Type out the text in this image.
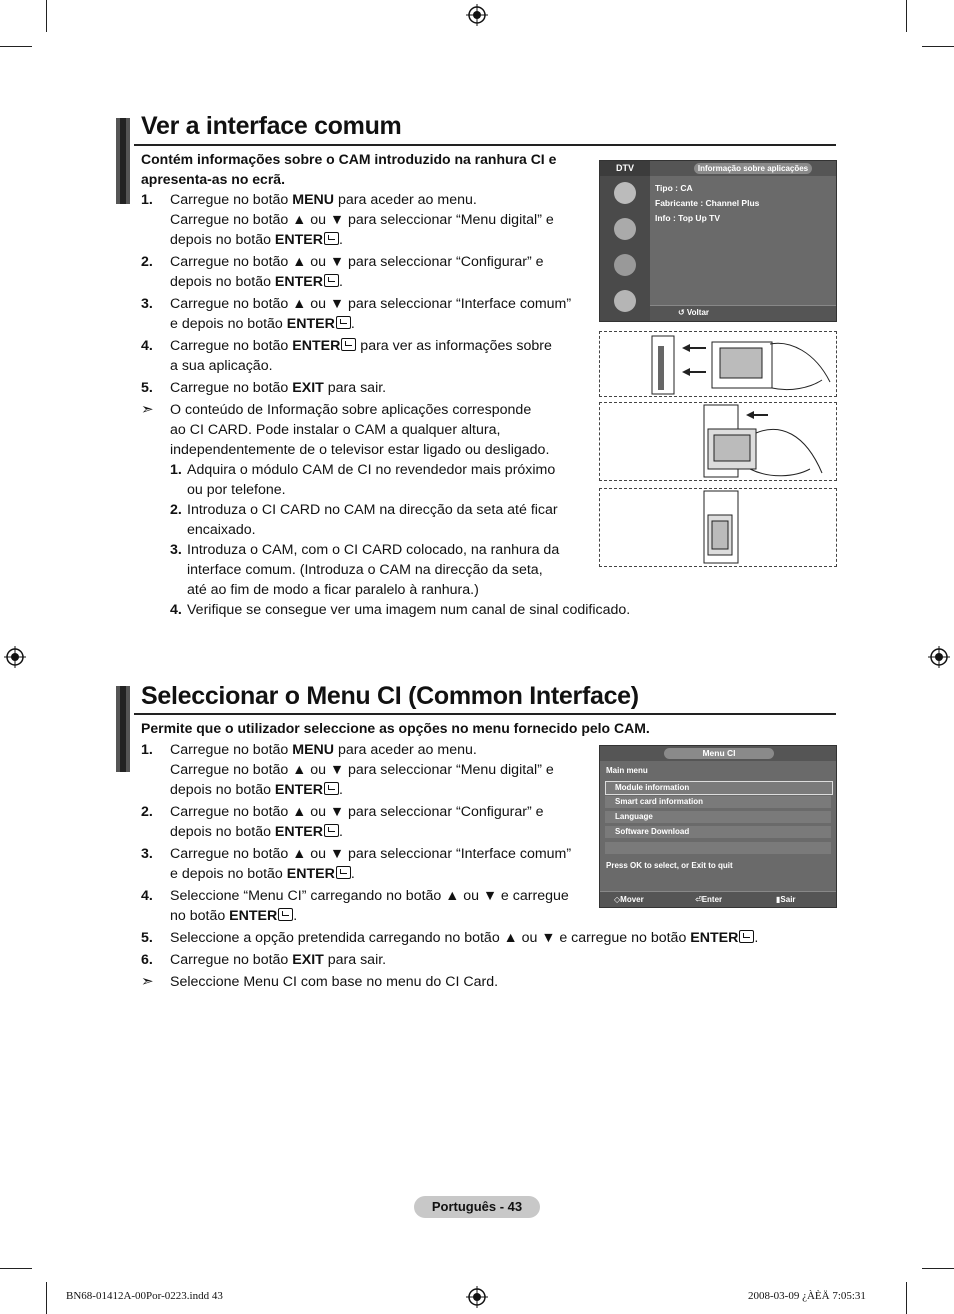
Ver a interface comum
Contém informações sobre o CAM introduzido na ranhura CI e apresenta-as no ecrã.
1. Carregue no botão MENU para aceder ao menu.
Carregue no botão ▲ ou ▼ para seleccionar “Menu digital” e
depois no botão ENTER .
2. Carregue no botão ▲ ou ▼ para seleccionar “Configurar” e
depois no botão ENTER .
3. Carregue no botão ▲ ou ▼ para seleccionar “Interface comum”
e depois no botão ENTER .
4. Carregue no botão ENTER para ver as informações sobre
a sua aplicação.
5. Carregue no botão EXIT para sair.
➣ O conteúdo de Informação sobre aplicações corresponde
ao CI CARD. Pode instalar o CAM a qualquer altura,
independentemente de o televisor estar ligado ou desligado.
1. Adquira o módulo CAM de CI no revendedor mais próximo
ou por telefone.
2. Introduza o CI CARD no CAM na direcção da seta até ficar
encaixado.
3. Introduza o CAM, com o CI CARD colocado, na ranhura da
interface comum. (Introduza o CAM na direcção da seta,
até ao fim de modo a ficar paralelo à ranhura.)
4. Verifique se consegue ver uma imagem num canal de sinal codificado.
DTV	Informação sobre aplicações
Tipo : CA
Fabricante : Channel Plus
Info : Top Up TV
↺ Voltar
Seleccionar o Menu CI (Common Interface)
Permite que o utilizador seleccione as opções no menu fornecido pelo CAM.
1. Carregue no botão MENU para aceder ao menu.
Carregue no botão ▲ ou ▼ para seleccionar “Menu digital” e
depois no botão ENTER .
2. Carregue no botão ▲ ou ▼ para seleccionar “Configurar” e
depois no botão ENTER .
3. Carregue no botão ▲ ou ▼ para seleccionar “Interface comum”
e depois no botão ENTER .
4. Seleccione “Menu CI” carregando no botão ▲ ou ▼ e carregue
no botão ENTER .
5. Seleccione a opção pretendida carregando no botão ▲ ou ▼ e carregue no botão ENTER .
6. Carregue no botão EXIT para sair.
➣ Seleccione Menu CI com base no menu do CI Card.
Menu CI
Main menu
Module information
Smart card information
Language
Software Download
Press OK to select, or Exit to quit
◇Mover	⏎Enter	▮Sair
Português - 43
BN68-01412A-00Por-0223.indd 43	2008-03-09 ¿ÀÈÄ 7:05:31
